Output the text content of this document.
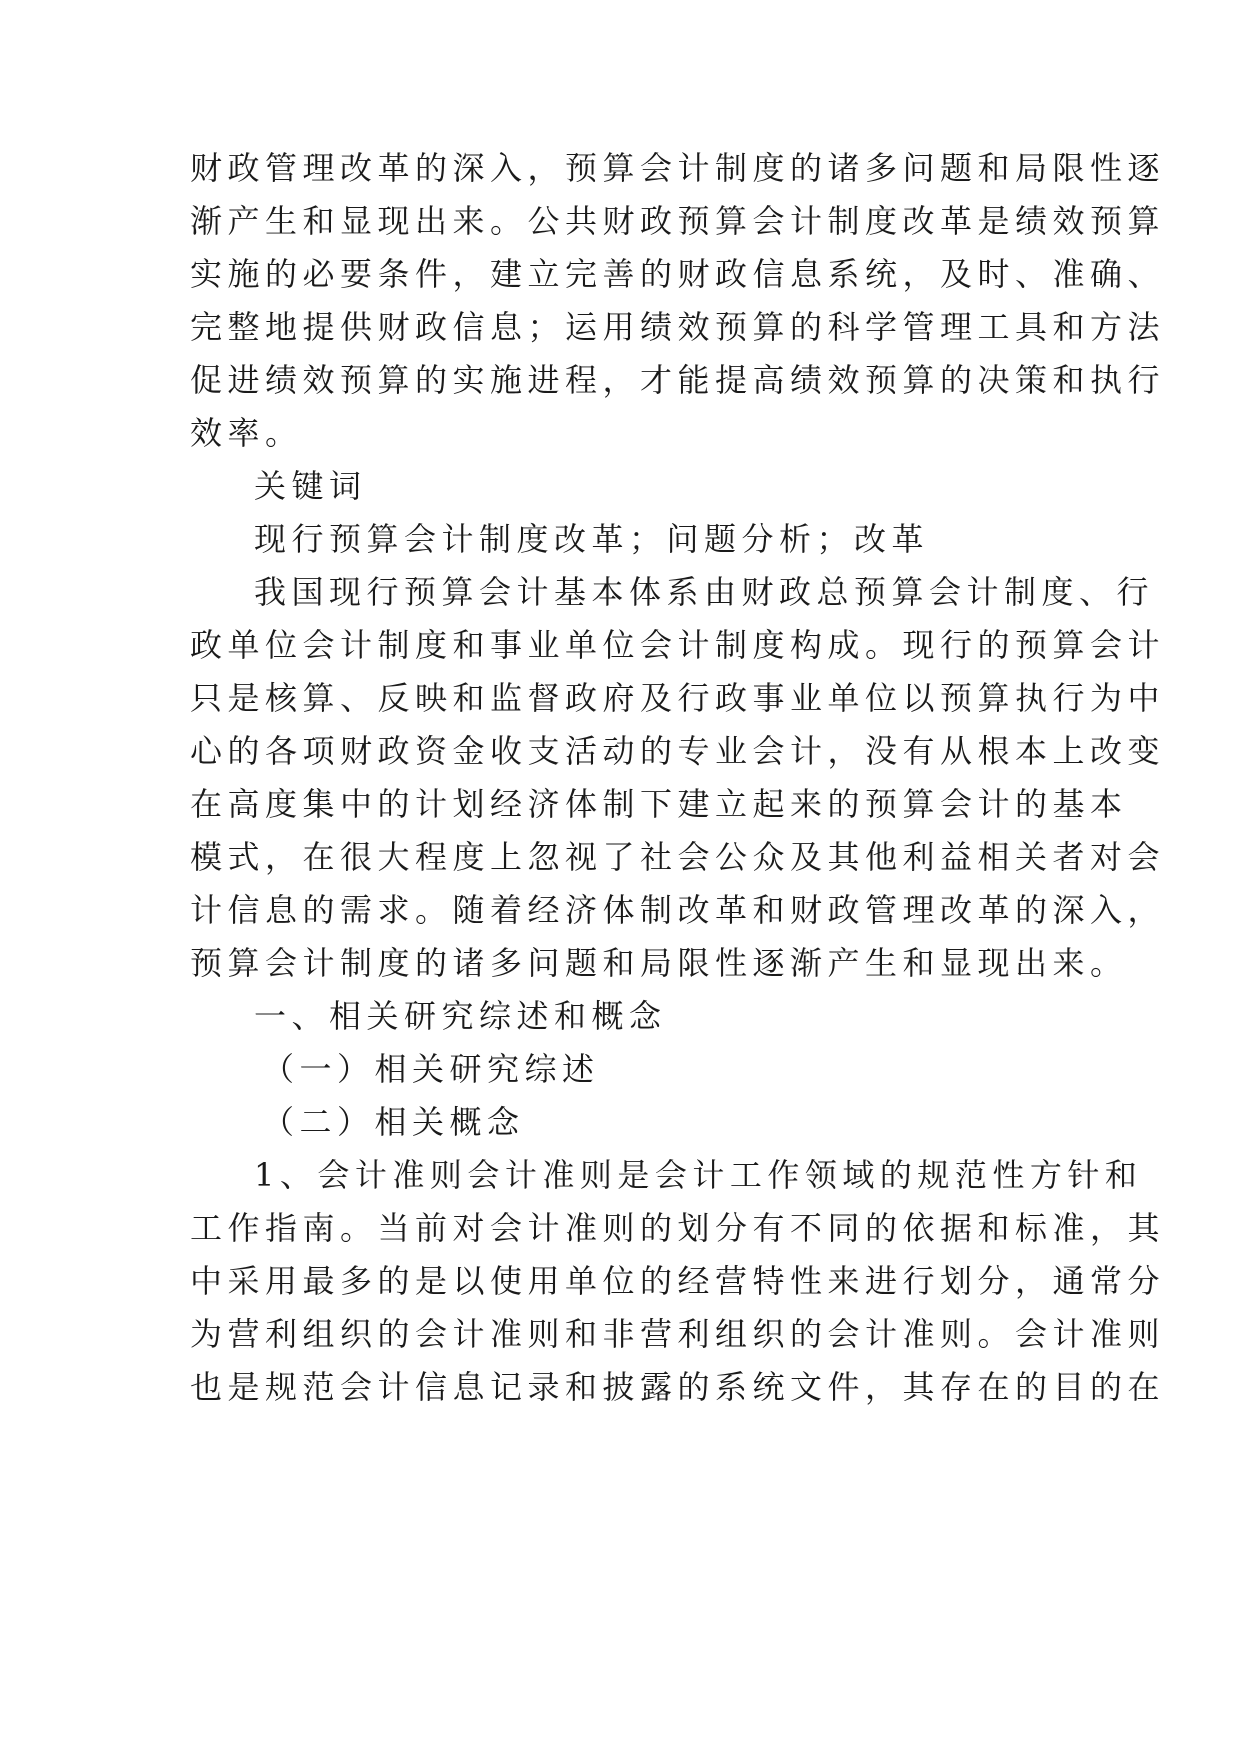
财政管理改革的深入，预算会计制度的诸多问题和局限性逐
渐产生和显现出来。公共财政预算会计制度改革是绩效预算
实施的必要条件，建立完善的财政信息系统，及时、准确、
完整地提供财政信息；运用绩效预算的科学管理工具和方法
促进绩效预算的实施进程，才能提高绩效预算的决策和执行
效率。
关键词
现行预算会计制度改革；问题分析；改革
我国现行预算会计基本体系由财政总预算会计制度、行
政单位会计制度和事业单位会计制度构成。现行的预算会计
只是核算、反映和监督政府及行政事业单位以预算执行为中
心的各项财政资金收支活动的专业会计，没有从根本上改变
在高度集中的计划经济体制下建立起来的预算会计的基本
模式，在很大程度上忽视了社会公众及其他利益相关者对会
计信息的需求。随着经济体制改革和财政管理改革的深入，
预算会计制度的诸多问题和局限性逐渐产生和显现出来。
一、相关研究综述和概念
（一）相关研究综述
（二）相关概念
1、会计准则会计准则是会计工作领域的规范性方针和
工作指南。当前对会计准则的划分有不同的依据和标准，其
中采用最多的是以使用单位的经营特性来进行划分，通常分
为营利组织的会计准则和非营利组织的会计准则。会计准则
也是规范会计信息记录和披露的系统文件，其存在的目的在
